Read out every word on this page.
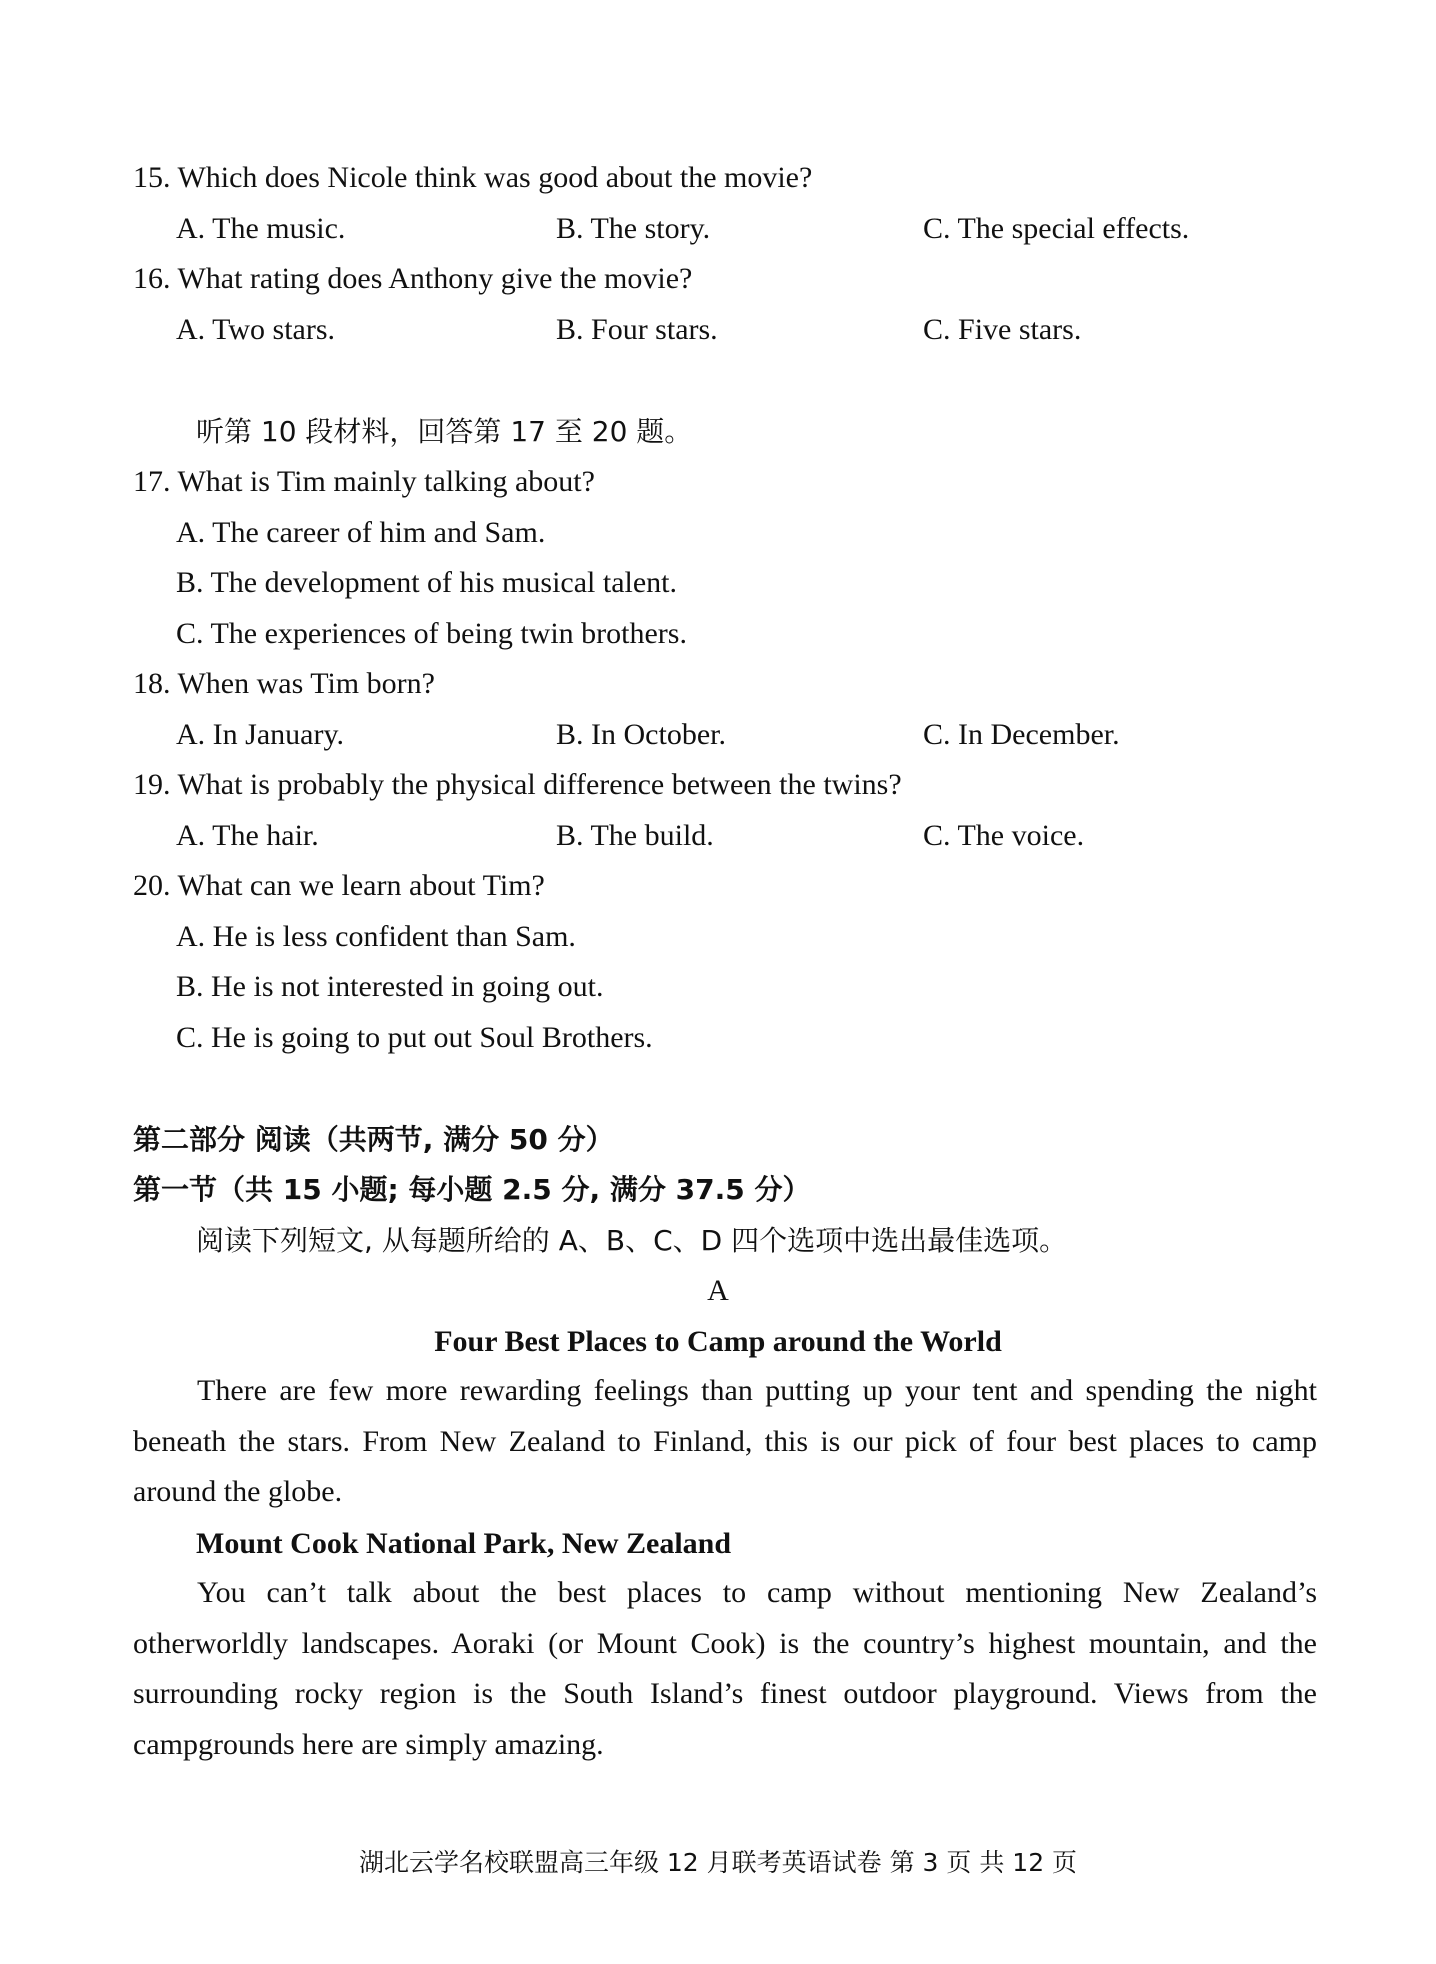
15. Which does Nicole think was good about the movie?
A. The music.	B. The story.	C. The special effects.
16. What rating does Anthony give the movie?
A. Two stars.	B. Four stars.	C. Five stars.
听第 10 段材料，回答第 17 至 20 题。
17. What is Tim mainly talking about?
A. The career of him and Sam.
B. The development of his musical talent.
C. The experiences of being twin brothers.
18. When was Tim born?
A. In January.	B. In October.	C. In December.
19. What is probably the physical difference between the twins?
A. The hair.	B. The build.	C. The voice.
20. What can we learn about Tim?
A. He is less confident than Sam.
B. He is not interested in going out.
C. He is going to put out Soul Brothers.
第二部分 阅读（共两节, 满分 50 分）
第一节（共 15 小题; 每小题 2.5 分, 满分 37.5 分）
阅读下列短文, 从每题所给的 A、B、C、D 四个选项中选出最佳选项。
A
Four Best Places to Camp around the World
There are few more rewarding feelings than putting up your tent and spending the night beneath the stars. From New Zealand to Finland, this is our pick of four best places to camp around the globe.
Mount Cook National Park, New Zealand
You can’t talk about the best places to camp without mentioning New Zealand’s otherworldly landscapes. Aoraki (or Mount Cook) is the country’s highest mountain, and the surrounding rocky region is the South Island’s finest outdoor playground. Views from the campgrounds here are simply amazing.
湖北云学名校联盟高三年级 12 月联考英语试卷 第 3 页 共 12 页
